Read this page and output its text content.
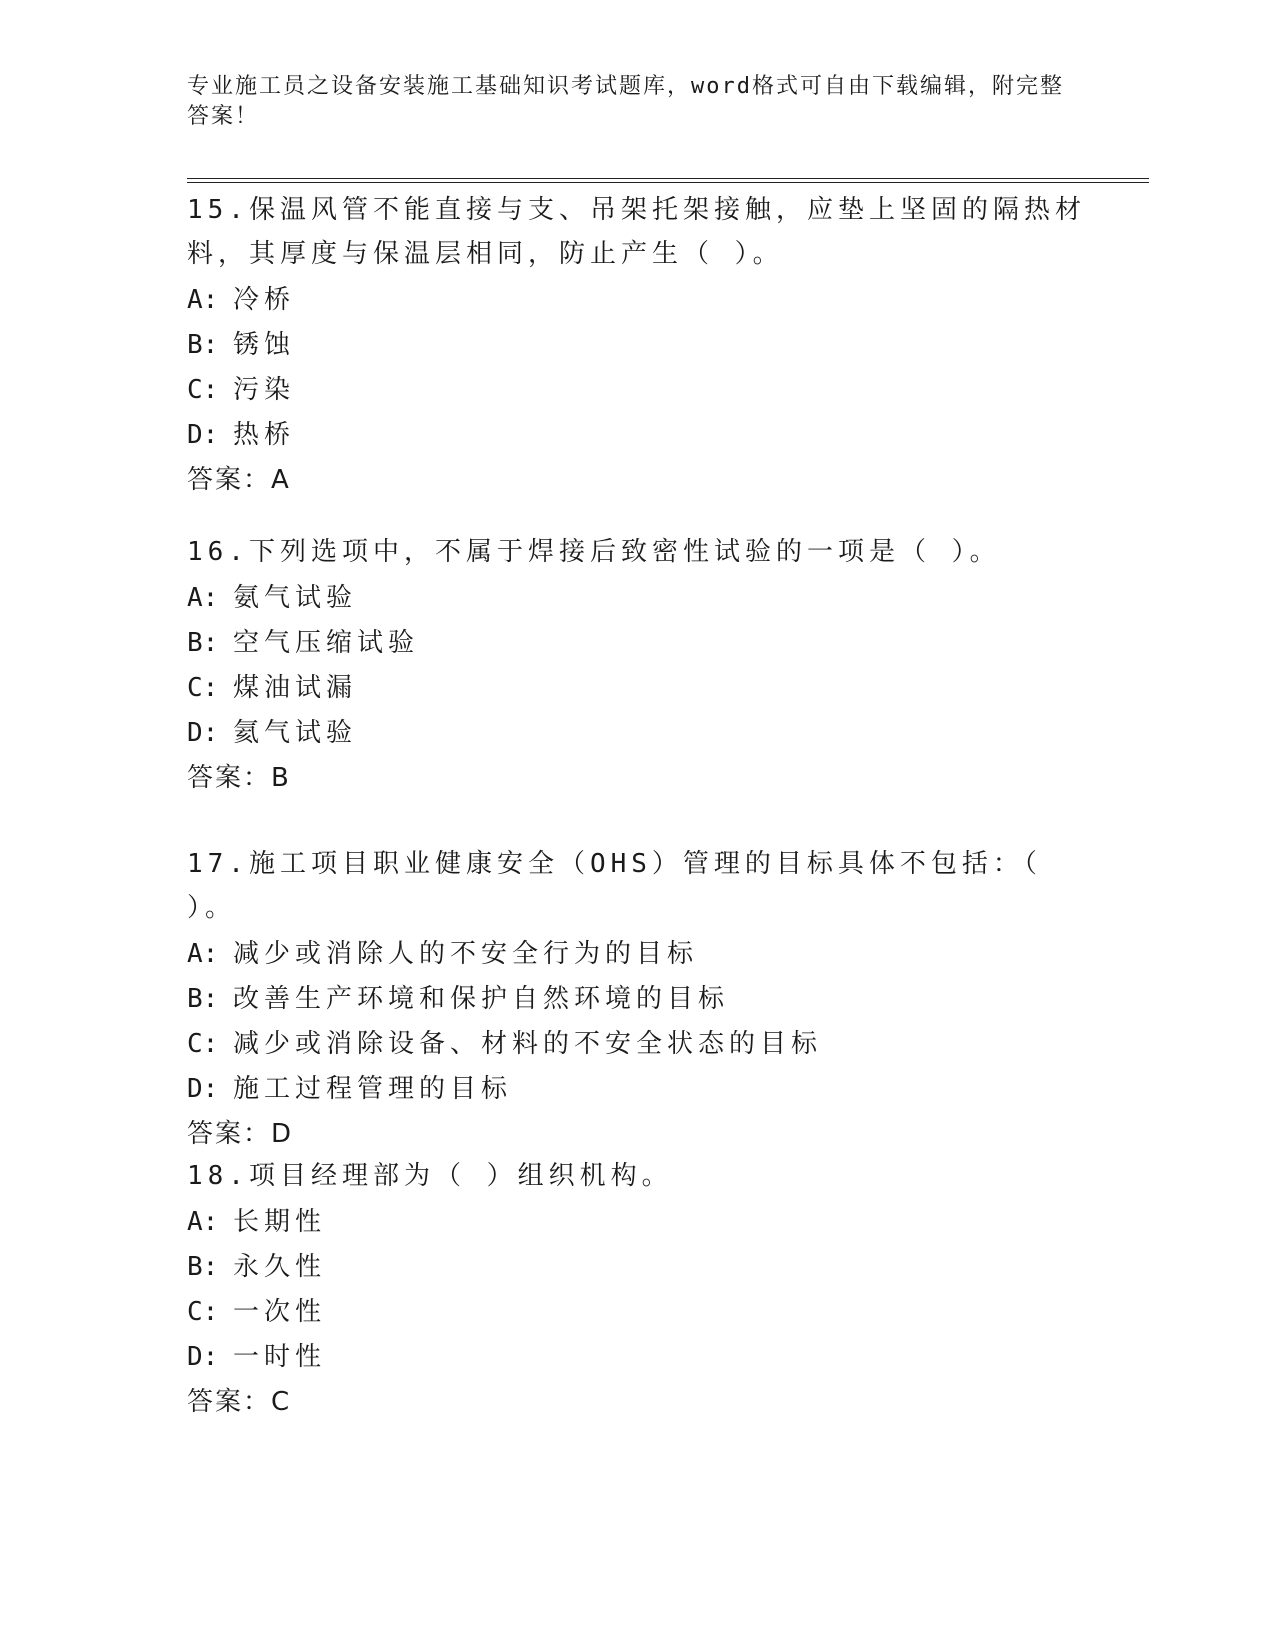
专业施工员之设备安装施工基础知识考试题库，word格式可自由下载编辑，附完整答案！
15.保温风管不能直接与支、吊架托架接触，应垫上坚固的隔热材料，其厚度与保温层相同，防止产生（ ）。
A: 冷桥
B: 锈蚀
C: 污染
D: 热桥
答案：A
16.下列选项中，不属于焊接后致密性试验的一项是（ ）。
A: 氨气试验
B: 空气压缩试验
C: 煤油试漏
D: 氦气试验
答案：B
17.施工项目职业健康安全（OHS）管理的目标具体不包括：（ ）。
A: 减少或消除人的不安全行为的目标
B: 改善生产环境和保护自然环境的目标
C: 减少或消除设备、材料的不安全状态的目标
D: 施工过程管理的目标
答案：D
18.项目经理部为（ ）组织机构。
A: 长期性
B: 永久性
C: 一次性
D: 一时性
答案：C
